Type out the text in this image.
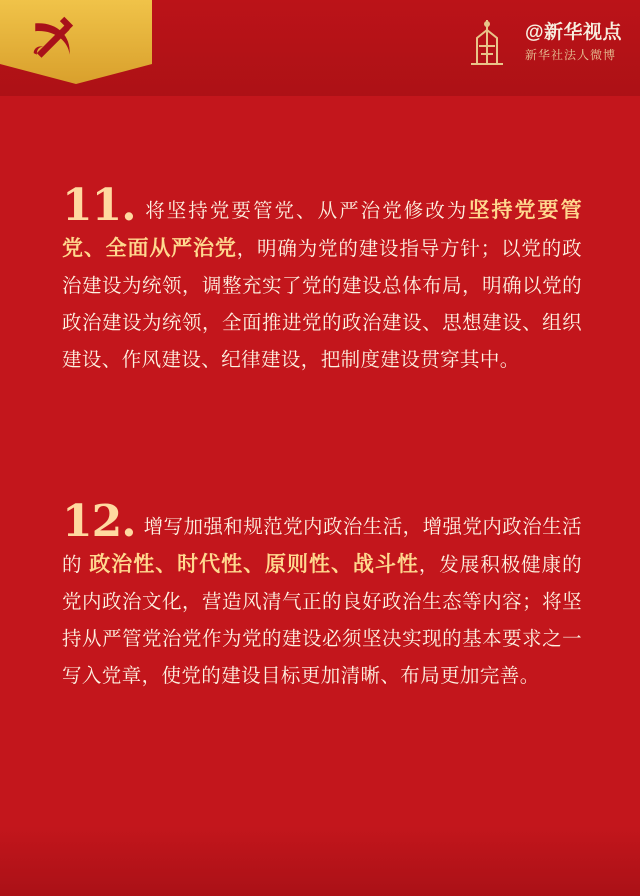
@新华视点
新华社法人微博
11. 将坚持党要管党、从严治党修改为坚持党要管党、全面从严治党，明确为党的建设指导方针；以党的政治建设为统领，调整充实了党的建设总体布局，明确以党的政治建设为统领，全面推进党的政治建设、思想建设、组织建设、作风建设、纪律建设，把制度建设贯穿其中。
12. 增写加强和规范党内政治生活，增强党内政治生活的 政治性、时代性、原则性、战斗性，发展积极健康的党内政治文化，营造风清气正的良好政治生态等内容；将坚持从严管党治党作为党的建设必须坚决实现的基本要求之一写入党章，使党的建设目标更加清晰、布局更加完善。
